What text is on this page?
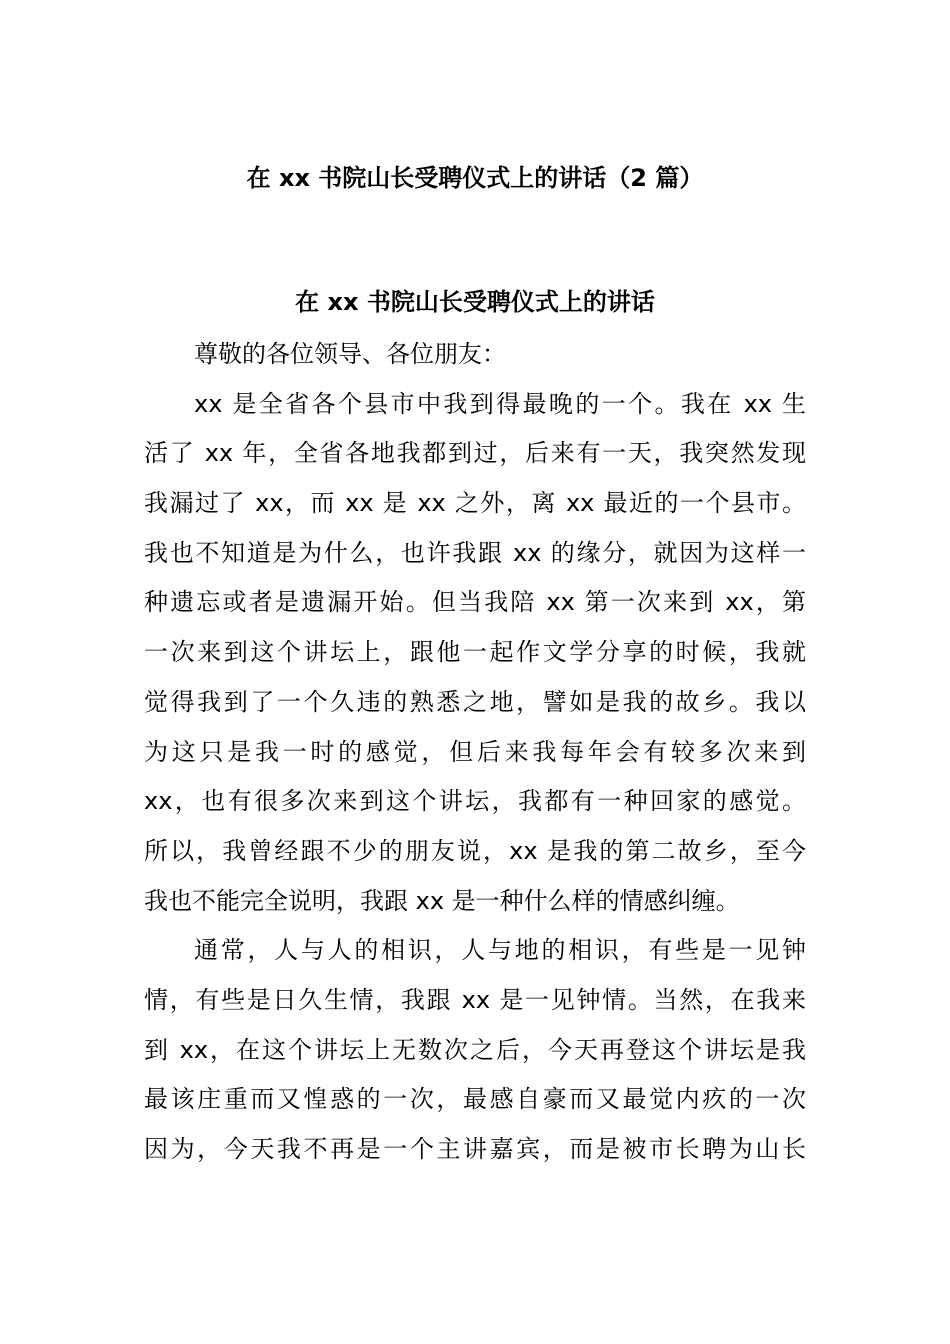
在 xx 书院山长受聘仪式上的讲话（2 篇）
在 xx 书院山长受聘仪式上的讲话
尊敬的各位领导、各位朋友：
xx 是全省各个县市中我到得最晚的一个。我在 xx 生
活了 xx 年，全省各地我都到过，后来有一天，我突然发现
我漏过了 xx，而 xx 是 xx 之外，离 xx 最近的一个县市。
我也不知道是为什么，也许我跟 xx 的缘分，就因为这样一
种遗忘或者是遗漏开始。但当我陪 xx 第一次来到 xx，第
一次来到这个讲坛上，跟他一起作文学分享的时候，我就
觉得我到了一个久违的熟悉之地，譬如是我的故乡。我以
为这只是我一时的感觉，但后来我每年会有较多次来到
xx，也有很多次来到这个讲坛，我都有一种回家的感觉。
所以，我曾经跟不少的朋友说，xx 是我的第二故乡，至今
我也不能完全说明，我跟 xx 是一种什么样的情感纠缠。
通常，人与人的相识，人与地的相识，有些是一见钟
情，有些是日久生情，我跟 xx 是一见钟情。当然，在我来
到 xx，在这个讲坛上无数次之后，今天再登这个讲坛是我
最该庄重而又惶惑的一次，最感自豪而又最觉内疚的一次
因为，今天我不再是一个主讲嘉宾，而是被市长聘为山长
